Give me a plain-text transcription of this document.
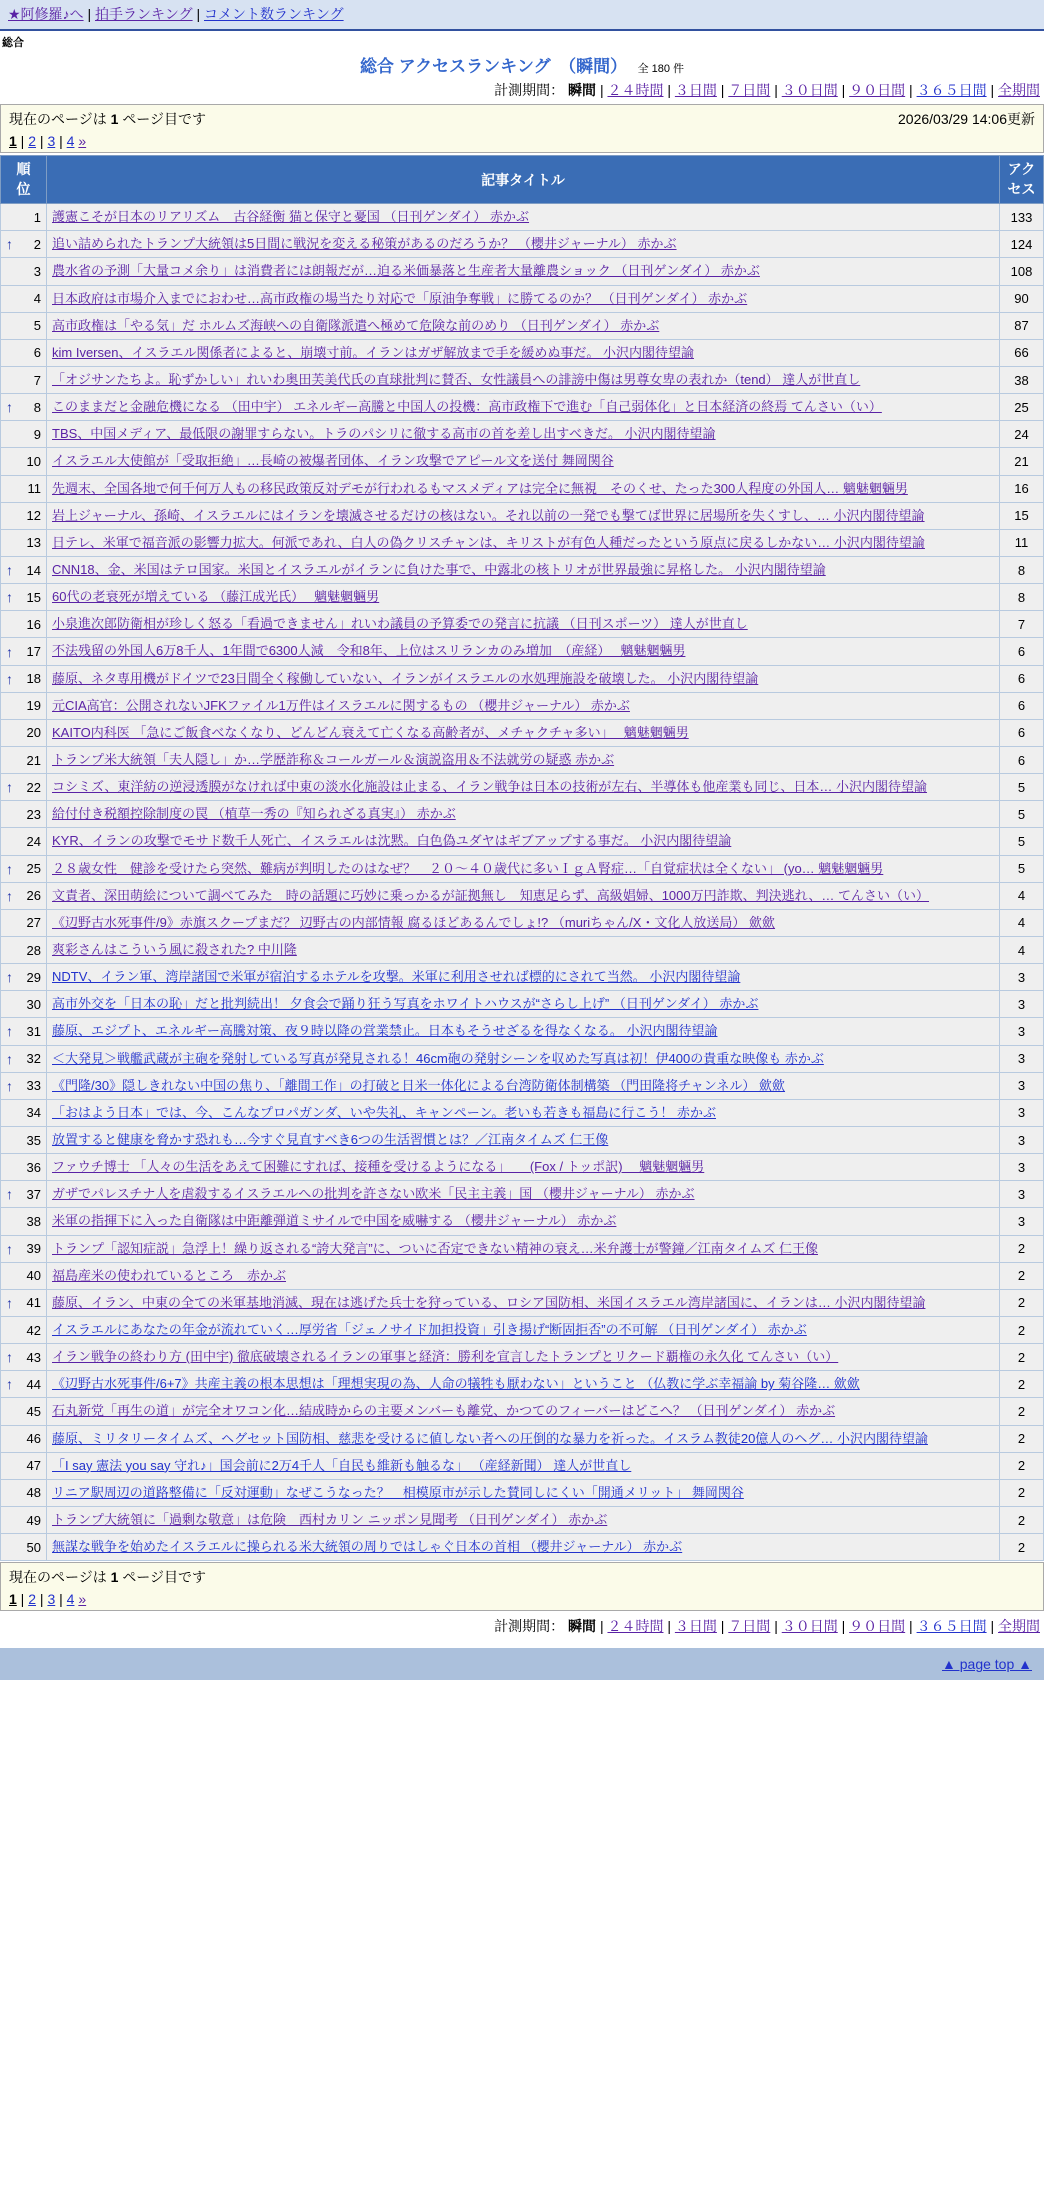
★阿修羅♪へ | 拍手ランキング | コメント数ランキング
総合
総合 アクセスランキング　（瞬間） 全 180 件
計測期間： 瞬間 | ２４時間 | ３日間 | ７日間 | ３０日間 | ９０日間 | ３６５日間 | 全期間
現在のページは 1 ページ目です	2026/03/29 14:06更新
1 | 2 | 3 | 4 »
順位	記事タイトル	アクセス
1	護憲こそが日本のリアリズム　古谷経衡 猫と保守と憂国 （日刊ゲンダイ） 赤かぶ	133

↑ 2	追い詰められたトランプ大統領は5日間に戦況を変える秘策があるのだろうか？ （櫻井ジャーナル） 赤かぶ	124
3	農水省の予測「大量コメ余り」は消費者には朗報だが…迫る米価暴落と生産者大量離農ショック （日刊ゲンダイ） 赤かぶ	108
4	日本政府は市場介入までにおわせ…高市政権の場当たり対応で「原油争奪戦」に勝てるのか？ （日刊ゲンダイ） 赤かぶ	90
5	高市政権は「やる気」だ ホルムズ海峡への自衛隊派遣へ極めて危険な前のめり （日刊ゲンダイ） 赤かぶ	87
6	kim Iversen、イスラエル関係者によると、崩壊寸前。イランはガザ解放まで手を緩めぬ事だ。 小沢内閣待望論	66
7	「オジサンたちよ。恥ずかしい」れいわ奥田芙美代氏の直球批判に賛否、女性議員への誹謗中傷は男尊女卑の表れか（tend） 達人が世直し	38

↑ 8	このままだと金融危機になる （田中宇） エネルギー高騰と中国人の投機：高市政権下で進む「自己弱体化」と日本経済の終焉 てんさい（い）	25
9	TBS、中国メディア、最低限の謝罪すらない。トラのパシリに徹する高市の首を差し出すべきだ。 小沢内閣待望論	24
10	イスラエル大使館が「受取拒絶」…長崎の被爆者団体、イラン攻撃でアピール文を送付 舞岡関谷	21
11	先週末、全国各地で何千何万人もの移民政策反対デモが行われるもマスメディアは完全に無視　そのくせ、たった300人程度の外国人… 魑魅魍魎男	16
12	岩上ジャーナル、孫崎、イスラエルにはイランを壊滅させるだけの核はない。それ以前の一発でも撃てば世界に居場所を失くすし、… 小沢内閣待望論	15
13	日テレ、米軍で福音派の影響力拡大。何派であれ、白人の偽クリスチャンは、キリストが有色人種だったという原点に戻るしかない… 小沢内閣待望論	11

↑ 14	CNN18、金、米国はテロ国家。米国とイスラエルがイランに負けた事で、中露北の核トリオが世界最強に昇格した。 小沢内閣待望論	8

↑ 15	60代の老衰死が増えている （藤江成光氏）　 魑魅魍魎男	8
16	小泉進次郎防衛相が珍しく怒る「看過できません」れいわ議員の予算委での発言に抗議 （日刊スポーツ） 達人が世直し	7

↑ 17	不法残留の外国人6万8千人、1年間で6300人減　令和8年、上位はスリランカのみ増加　（産経）　 魑魅魍魎男	6

↑ 18	藤原、ネタ専用機がドイツで23日間全く稼働していない、イランがイスラエルの水処理施設を破壊した。 小沢内閣待望論	6
19	元CIA高官：公開されないJFKファイル1万件はイスラエルに関するもの （櫻井ジャーナル） 赤かぶ	6
20	KAITO内科医 「急にご飯食べなくなり、どんどん衰えて亡くなる高齢者が、メチャクチャ多い」　 魑魅魍魎男	6
21	トランプ米大統領「夫人隠し」か…学歴詐称＆コールガール＆演説盗用＆不法就労の疑惑 赤かぶ	6

↑ 22	コシミズ、東洋紡の逆浸透膜がなければ中東の淡水化施設は止まる、イラン戦争は日本の技術が左右、半導体も他産業も同じ、日本… 小沢内閣待望論	5
23	給付付き税額控除制度の罠 （植草一秀の『知られざる真実』） 赤かぶ	5
24	KYR、イランの攻撃でモサド数千人死亡、イスラエルは沈黙。白色偽ユダヤはギブアップする事だ。 小沢内閣待望論	5

↑ 25	２８歳女性　健診を受けたら突然、難病が判明したのはなぜ？　２０～４０歳代に多いＩｇＡ腎症…「自覚症状は全くない」 (yo… 魑魅魍魎男	5

↑ 26	文責者、深田萌絵について調べてみた　時の話題に巧妙に乗っかるが証拠無し　知恵足らず、高級娼婦、1000万円詐欺、判決逃れ、… てんさい（い）	4
27	《辺野古水死事件/9》赤旗スクープまだ？ 辺野古の内部情報 腐るほどあるんでしょ!? （muriちゃん/X・文化人放送局） 歛歛	4
28	爽彩さんはこういう風に殺された? 中川隆	4

↑ 29	NDTV、イラン軍、湾岸諸国で米軍が宿泊するホテルを攻撃。米軍に利用させれば標的にされて当然。 小沢内閣待望論	3
30	高市外交を「日本の恥」だと批判続出！ 夕食会で踊り狂う写真をホワイトハウスが“さらし上げ” （日刊ゲンダイ） 赤かぶ	3

↑ 31	藤原、エジプト、エネルギー高騰対策、夜９時以降の営業禁止。日本もそうせざるを得なくなる。 小沢内閣待望論	3

↑ 32	＜大発見＞戦艦武蔵が主砲を発射している写真が発見される！46cm砲の発射シーンを収めた写真は初！伊400の貴重な映像も 赤かぶ	3

↑ 33	《門隆/30》隠しきれない中国の焦り、「離間工作」の打破と日米一体化による台湾防衛体制構築 （門田隆将チャンネル） 歛歛	3
34	「おはよう日本」では、今、こんなプロパガンダ、いや失礼、キャンペーン。老いも若きも福島に行こう！ 赤かぶ	3
35	放置すると健康を脅かす恐れも…今すぐ見直すべき6つの生活習慣とは？／江南タイムズ 仁王像	3
36	ファウチ博士 「人々の生活をあえて困難にすれば、接種を受けるようになる」　　(Fox / トッポ訳)　 魑魅魍魎男	3

↑ 37	ガザでパレスチナ人を虐殺するイスラエルへの批判を許さない欧米「民主主義」国 （櫻井ジャーナル） 赤かぶ	3
38	米軍の指揮下に入った自衛隊は中距離弾道ミサイルで中国を威嚇する （櫻井ジャーナル） 赤かぶ	3

↑ 39	トランプ「認知症説」急浮上！繰り返される“誇大発言”に、ついに否定できない精神の衰え…米弁護士が警鐘／江南タイムズ 仁王像	2
40	福島産米の使われているところ　赤かぶ	2

↑ 41	藤原、イラン、中東の全ての米軍基地消滅、現在は逃げた兵士を狩っている、ロシア国防相、米国イスラエル湾岸諸国に、イランは… 小沢内閣待望論	2
42	イスラエルにあなたの年金が流れていく…厚労省「ジェノサイド加担投資」引き揚げ“断固拒否”の不可解 （日刊ゲンダイ） 赤かぶ	2

↑ 43	イラン戦争の終わり方 (田中宇) 徹底破壊されるイランの軍事と経済：勝利を宣言したトランプとリクード覇権の永久化 てんさい（い）	2

↑ 44	《辺野古水死事件/6+7》共産主義の根本思想は「理想実現の為、人命の犠牲も厭わない」ということ （仏教に学ぶ幸福論 by 菊谷隆… 歛歛	2
45	石丸新党「再生の道」が完全オワコン化…結成時からの主要メンバーも離党、かつてのフィーバーはどこへ？ （日刊ゲンダイ） 赤かぶ	2
46	藤原、ミリタリータイムズ、ヘグセット国防相、慈悲を受けるに値しない者への圧倒的な暴力を祈った。イスラム教徒20億人のヘグ… 小沢内閣待望論	2
47	「I say 憲法 you say 守れ♪」国会前に2万4千人「自民も維新も触るな」 （産経新聞） 達人が世直し	2
48	リニア駅周辺の道路整備に「反対運動」なぜこうなった？　相模原市が示した賛同しにくい「開通メリット」 舞岡関谷	2
49	トランプ大統領に「過剰な敬意」は危険　西村カリン ニッポン見聞考 （日刊ゲンダイ） 赤かぶ	2
50	無謀な戦争を始めたイスラエルに操られる米大統領の周りではしゃぐ日本の首相 （櫻井ジャーナル） 赤かぶ	2
現在のページは 1 ページ目です
1 | 2 | 3 | 4 »
計測期間： 瞬間 | ２４時間 | ３日間 | ７日間 | ３０日間 | ９０日間 | ３６５日間 | 全期間
▲ page top ▲
